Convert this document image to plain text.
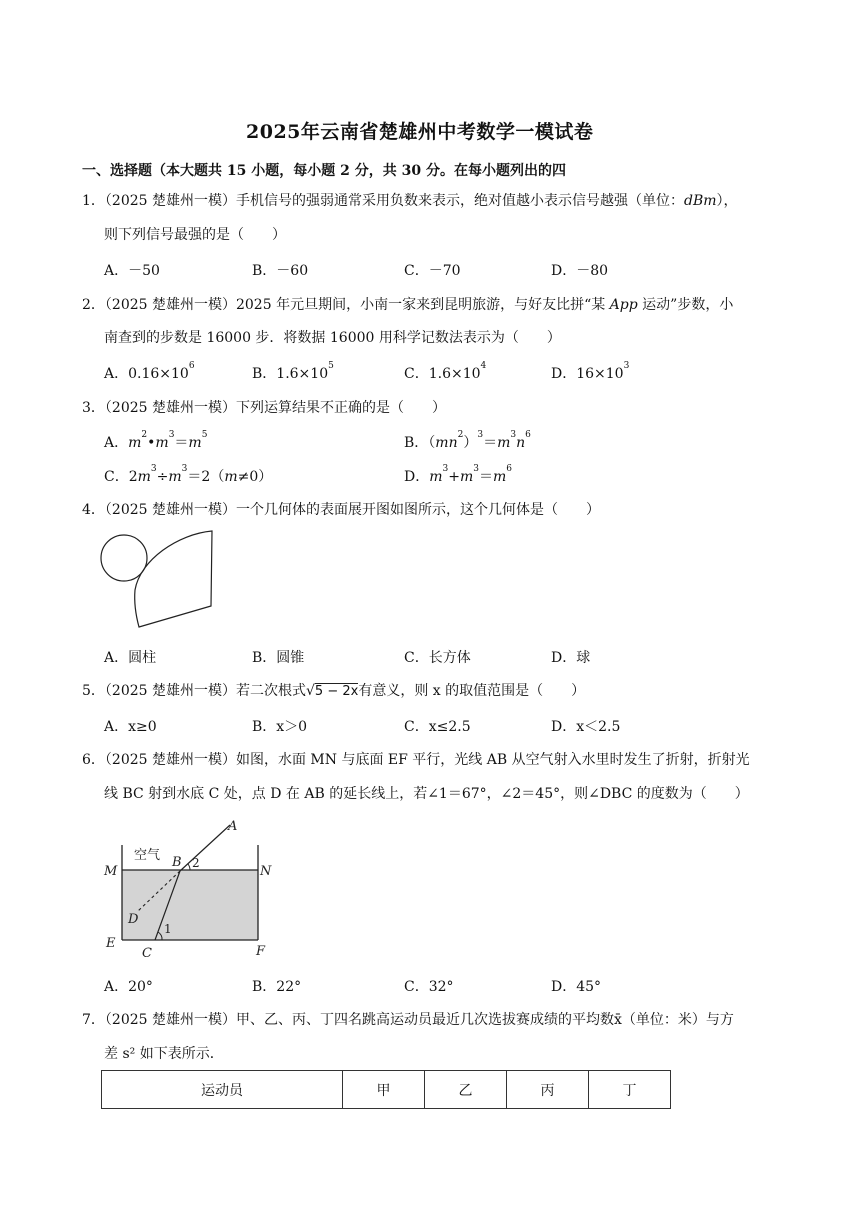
2025年云南省楚雄州中考数学一模试卷
一、选择题（本大题共 15 小题，每小题 2 分，共 30 分。在每小题列出的四
1．（2025 楚雄州一模）手机信号的强弱通常采用负数来表示，绝对值越小表示信号越强（单位：dBm），
则下列信号最强的是（　　）
A．－50	B．－60	C．－70	D．－80
2．（2025 楚雄州一模）2025 年元旦期间，小南一家来到昆明旅游，与好友比拼“某 App 运动”步数，小
南查到的步数是 16000 步．将数据 16000 用科学记数法表示为（　　）
A．$0.16\times 10^6$	B．$1.6\times 10^5$	C．$1.6\times 10^4$	D．$16\times 10^3$
3．（2025 楚雄州一模）下列运算结果不正确的是（　　）
A．$m^2•m^3=m^5$	B．$(mn^2)^3=m^3n^6$
C．$2m^3\div m^3=2(m\ne 0)$	D．$m^3+m^3=m^6$
4．（2025 楚雄州一模）一个几何体的表面展开图如图所示，这个几何体是（　　）
A．圆柱	B．圆锥	C．长方体	D．球
5．（2025 楚雄州一模）若二次根式√5 − 2x有意义，则 x 的取值范围是（　　）
A．x≥0	B．x＞0	C．x≤2.5	D．x＜2.5
6．（2025 楚雄州一模）如图，水面 MN 与底面 EF 平行，光线 AB 从空气射入水里时发生了折射，折射光
线 BC 射到水底 C 处，点 D 在 AB 的延长线上，若∠1＝67°，∠2＝45°，则∠DBC 的度数为（　　）
空气
A
B 2
M	N
D
1
E
C	F
A．20°	B．22°	C．32°	D．45°
7．（2025 楚雄州一模）甲、乙、丙、丁四名跳高运动员最近几次选拔赛成绩的平均数x̄（单位：米）与方
差 s² 如下表所示．
运动员	甲	乙	丙	丁
